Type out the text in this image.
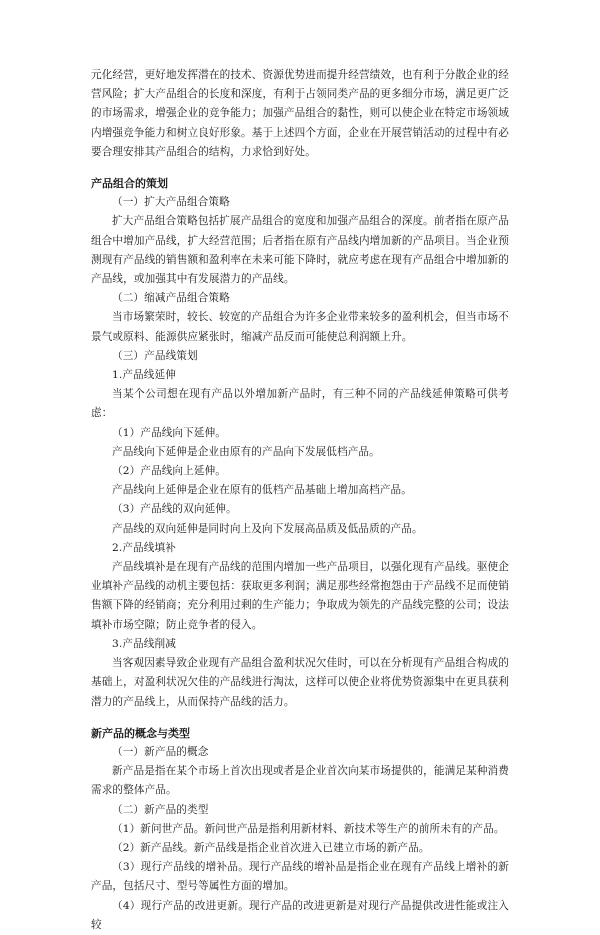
元化经营，更好地发挥潜在的技术、资源优势进而提升经营绩效，也有利于分散企业的经营风险；扩大产品组合的长度和深度，有利于占领同类产品的更多细分市场，满足更广泛的市场需求，增强企业的竞争能力；加强产品组合的黏性，则可以使企业在特定市场领域内增强竞争能力和树立良好形象。基于上述四个方面，企业在开展营销活动的过程中有必要合理安排其产品组合的结构，力求恰到好处。

产品组合的策划

（一）扩大产品组合策略

扩大产品组合策略包括扩展产品组合的宽度和加强产品组合的深度。前者指在原产品组合中增加产品线，扩大经营范围；后者指在原有产品线内增加新的产品项目。当企业预测现有产品线的销售额和盈利率在未来可能下降时，就应考虑在现有产品组合中增加新的产品线，或加强其中有发展潜力的产品线。

（二）缩减产品组合策略

当市场繁荣时，较长、较宽的产品组合为许多企业带来较多的盈利机会，但当市场不景气或原料、能源供应紧张时，缩减产品反而可能使总利润额上升。

（三）产品线策划

1.产品线延伸

当某个公司想在现有产品以外增加新产品时，有三种不同的产品线延伸策略可供考虑：

（1）产品线向下延伸。

产品线向下延伸是企业由原有的产品向下发展低档产品。

（2）产品线向上延伸。

产品线向上延伸是企业在原有的低档产品基础上增加高档产品。

（3）产品线的双向延伸。

产品线的双向延伸是同时向上及向下发展高品质及低品质的产品。

2.产品线填补

产品线填补是在现有产品线的范围内增加一些产品项目，以强化现有产品线。驱使企业填补产品线的动机主要包括：获取更多利润；满足那些经常抱怨由于产品线不足而使销售额下降的经销商；充分利用过剩的生产能力；争取成为领先的产品线完整的公司；设法填补市场空隙；防止竞争者的侵入。

3.产品线削减

当客观因素导致企业现有产品组合盈利状况欠佳时，可以在分析现有产品组合构成的基础上，对盈利状况欠佳的产品线进行淘汰，这样可以使企业将优势资源集中在更具获利潜力的产品线上，从而保持产品线的活力。

新产品的概念与类型

（一）新产品的概念

新产品是指在某个市场上首次出现或者是企业首次向某市场提供的，能满足某种消费需求的整体产品。

（二）新产品的类型

（1）新问世产品。新问世产品是指利用新材料、新技术等生产的前所未有的产品。

（2）新产品线。新产品线是指企业首次进入已建立市场的新产品。

（3）现行产品线的增补品。现行产品线的增补品是指企业在现有产品线上增补的新产品，包括尺寸、型号等属性方面的增加。

（4）现行产品的改进更新。现行产品的改进更新是对现行产品提供改进性能或注入较
